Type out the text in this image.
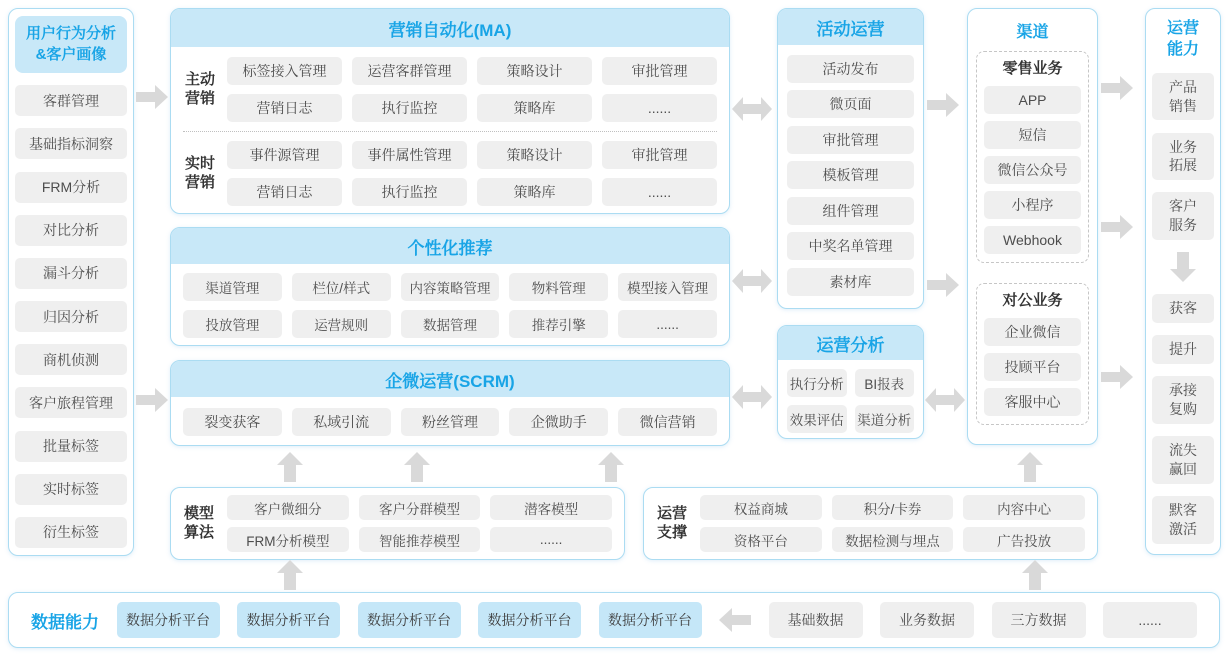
用户行为分析
&客户画像
客群管理
基础指标洞察
FRM分析
对比分析
漏斗分析
归因分析
商机侦测
客户旅程管理
批量标签
实时标签
衍生标签
营销自动化(MA)
主动营销
标签接入管理	运营客群管理	策略设计	审批管理
营销日志	执行监控	策略库	......
实时营销
事件源管理	事件属性管理	策略设计	审批管理
营销日志	执行监控	策略库	......
个性化推荐
渠道管理	栏位/样式	内容策略管理	物料管理	模型接入管理
投放管理	运营规则	数据管理	推荐引擎	......
企微运营(SCRM)
裂变获客	私域引流	粉丝管理	企微助手	微信营销
模型算法
客户微细分	客户分群模型	潜客模型
FRM分析模型	智能推荐模型	......
运营支撑
权益商城	积分/卡券	内容中心
资格平台	数据检测与埋点	广告投放
活动运营
活动发布
微页面
审批管理
模板管理
组件管理
中奖名单管理
素材库
运营分析
执行分析	BI报表
效果评估 渠道分析
渠道
零售业务
APP
短信
微信公众号
小程序
Webhook
对公业务
企业微信
投顾平台
客服中心
运营能力
产品销售
业务拓展
客户服务
获客
提升
承接复购
流失赢回
默客激活
数据能力	数据分析平台	数据分析平台	数据分析平台	数据分析平台	数据分析平台	基础数据	业务数据	三方数据	......
